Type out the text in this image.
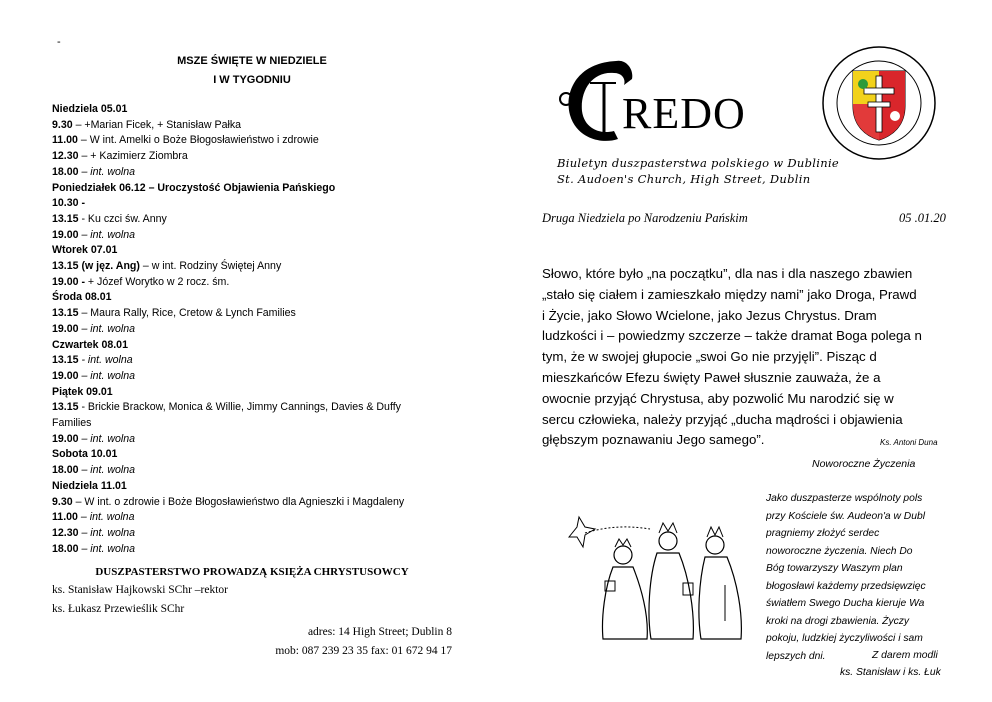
-
MSZE ŚWIĘTE W NIEDZIELE
I W TYGODNIU
Niedziela 05.01
9.30 – +Marian Ficek, + Stanisław Pałka
11.00 – W int. Amelki o Boże Błogosławieństwo i zdrowie
12.30 – + Kazimierz Ziombra
18.00 – int. wolna
Poniedziałek 06.12 – Uroczystość Objawienia Pańskiego
10.30 -
13.15 - Ku czci św. Anny
19.00 – int. wolna
Wtorek 07.01
13.15 (w jęz. Ang) – w int. Rodziny Świętej Anny
19.00 - + Józef Worytko w 2 rocz. śm.
Środa 08.01
13.15 – Maura Rally, Rice, Cretow & Lynch Families
19.00 – int. wolna
Czwartek 08.01
13.15 - int. wolna
19.00 – int. wolna
Piątek 09.01
13.15 - Brickie Brackow, Monica & Willie, Jimmy Cannings, Davies & Duffy
Families
19.00 – int. wolna
Sobota 10.01
18.00 – int. wolna
Niedziela 11.01
9.30 – W int. o zdrowie i Boże Błogosławieństwo dla Agnieszki i Magdaleny
11.00 – int. wolna
12.30 – int. wolna
18.00 – int. wolna
DUSZPASTERSTWO PROWADZĄ KSIĘŻA CHRYSTUSOWCY
ks. Stanisław Hajkowski SChr –rektor
ks. Łukasz Przewieślik SChr
adres: 14 High Street; Dublin 8
mob: 087 239 23 35 fax: 01 672 94 17
REDO
Biuletyn duszpasterstwa polskiego w Dublinie
St. Audoen's Church, High Street, Dublin
Druga Niedziela po Narodzeniu Pańskim	05 .01.20
Słowo, które było „na początku”, dla nas i dla naszego zbawien
„stało się ciałem i zamieszkało między nami” jako Droga, Prawd
i Życie, jako Słowo Wcielone, jako Jezus Chrystus. Dram
ludzkości i – powiedzmy szczerze – także dramat Boga polega n
tym, że w swojej głupocie „swoi Go nie przyjęli”. Pisząc d
mieszkańców Efezu święty Paweł słusznie zauważa, że a
owocnie przyjąć Chrystusa, aby pozwolić Mu narodzić się w
sercu człowieka, należy przyjąć „ducha mądrości i objawienia
głębszym poznawaniu Jego samego”.	Ks. Antoni Duna
Noworoczne Życzenia
Jako duszpasterze wspólnoty pols
przy Kościele św. Audeon'a w Dubl
pragniemy złożyć serdec
noworoczne życzenia. Niech Do
Bóg towarzyszy Waszym plan
błogosławi każdemy przedsięwzięc
światłem Swego Ducha kieruje Wa
kroki na drogi zbawienia. Życzy
pokoju, ludzkiej życzyliwości i sam
lepszych dni.	Z darem modli
ks. Stanisław i ks. Łuk
